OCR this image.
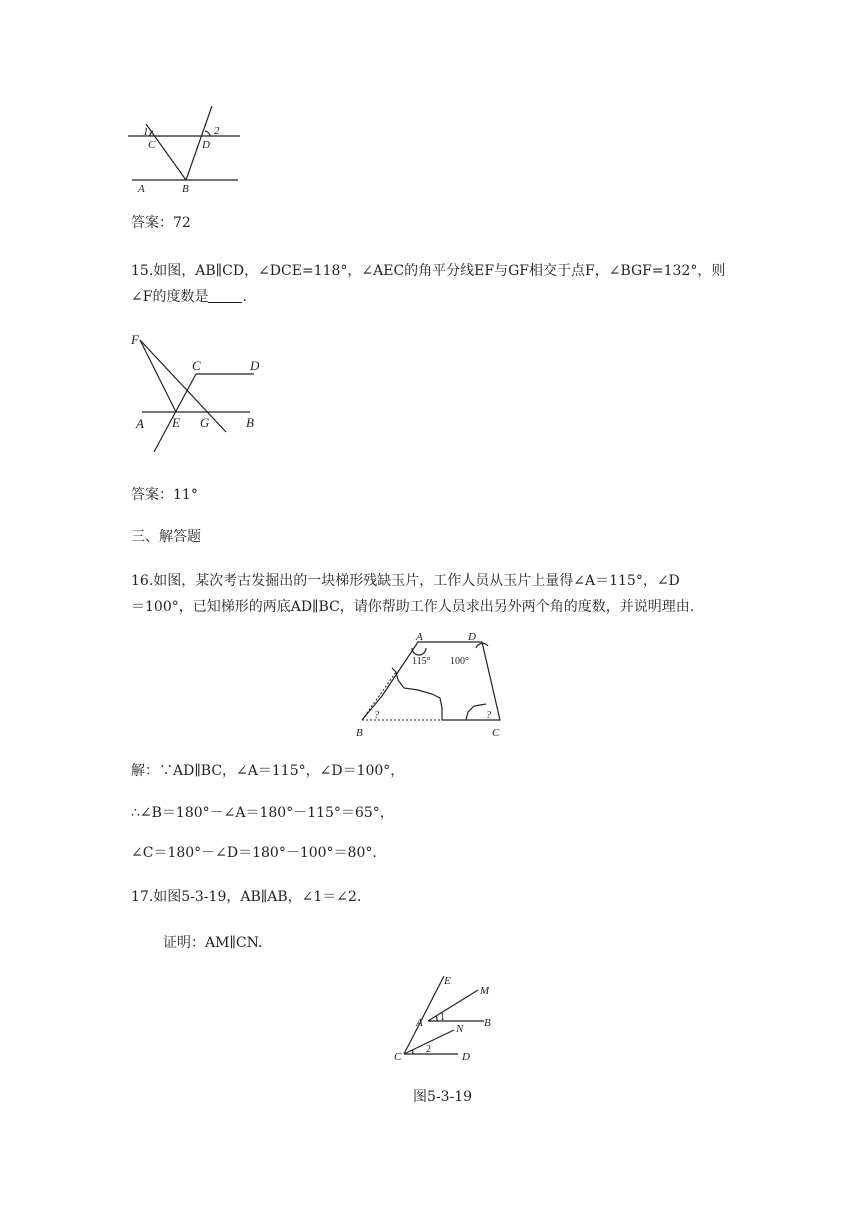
1	2
C	D
A	B
答案：72
15.如图，AB∥CD，∠DCE=118°，∠AEC的角平分线EF与GF相交于点F，∠BGF=132°，则
∠F的度数是 .
F
C	D
A E G	B
答案：11°
三、解答题
16.如图，某次考古发掘出的一块梯形残缺玉片，工作人员从玉片上量得∠A＝115°，∠D
＝100°，已知梯形的两底AD∥BC，请你帮助工作人员求出另外两个角的度数，并说明理由.
A	D
115° 100°
?	?
B	C
解：∵AD∥BC，∠A＝115°，∠D＝100°，
∴∠B＝180°－∠A＝180°－115°＝65°，
∠C＝180°－∠D＝180°－100°＝80°.
17.如图5-3-19，AB∥AB，∠1＝∠2.
证明：AM∥CN.
E
M
A 1	B
N
C
2
D
图5-3-19
